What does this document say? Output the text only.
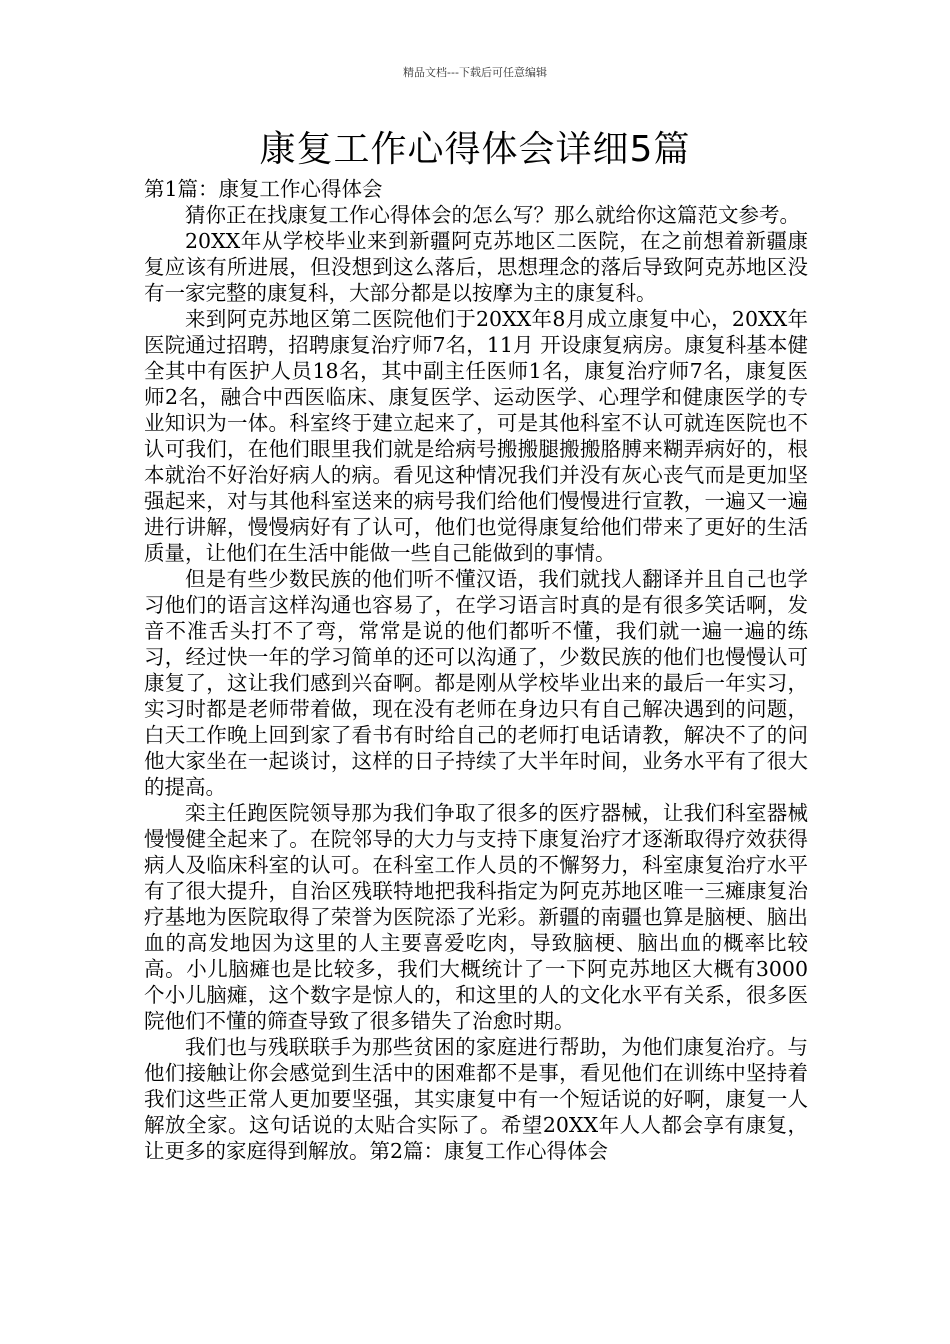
精品文档---下载后可任意编辑
康复工作心得体会详细5篇

第1篇：康复工作心得体会

猜你正在找康复工作心得体会的怎么写？那么就给你这篇范文参考。

20XX年从学校毕业来到新疆阿克苏地区二医院，在之前想着新疆康复应该有所进展，但没想到这么落后，思想理念的落后导致阿克苏地区没有一家完整的康复科，大部分都是以按摩为主的康复科。

来到阿克苏地区第二医院他们于20XX年8月成立康复中心，20XX年医院通过招聘，招聘康复治疗师7名，11月 开设康复病房。康复科基本健全其中有医护人员18名，其中副主任医师1名，康复治疗师7名，康复医师2名，融合中西医临床、康复医学、运动医学、心理学和健康医学的专业知识为一体。科室终于建立起来了，可是其他科室不认可就连医院也不认可我们，在他们眼里我们就是给病号搬搬腿搬搬胳膊来糊弄病好的，根本就治不好治好病人的病。看见这种情况我们并没有灰心丧气而是更加坚强起来，对与其他科室送来的病号我们给他们慢慢进行宣教，一遍又一遍进行讲解，慢慢病好有了认可，他们也觉得康复给他们带来了更好的生活质量，让他们在生活中能做一些自己能做到的事情。

但是有些少数民族的他们听不懂汉语，我们就找人翻译并且自己也学习他们的语言这样沟通也容易了，在学习语言时真的是有很多笑话啊，发音不准舌头打不了弯，常常是说的他们都听不懂，我们就一遍一遍的练习，经过快一年的学习简单的还可以沟通了，少数民族的他们也慢慢认可康复了，这让我们感到兴奋啊。都是刚从学校毕业出来的最后一年实习，实习时都是老师带着做，现在没有老师在身边只有自己解决遇到的问题，白天工作晚上回到家了看书有时给自己的老师打电话请教，解决不了的问他大家坐在一起谈讨，这样的日子持续了大半年时间，业务水平有了很大的提高。

栾主任跑医院领导那为我们争取了很多的医疗器械，让我们科室器械慢慢健全起来了。在院邻导的大力与支持下康复治疗才逐渐取得疗效获得病人及临床科室的认可。在科室工作人员的不懈努力，科室康复治疗水平有了很大提升，自治区残联特地把我科指定为阿克苏地区唯一三瘫康复治疗基地为医院取得了荣誉为医院添了光彩。新疆的南疆也算是脑梗、脑出血的高发地因为这里的人主要喜爱吃肉，导致脑梗、脑出血的概率比较高。小儿脑瘫也是比较多，我们大概统计了一下阿克苏地区大概有3000个小儿脑瘫，这个数字是惊人的，和这里的人的文化水平有关系，很多医院他们不懂的筛查导致了很多错失了治愈时期。

我们也与残联联手为那些贫困的家庭进行帮助，为他们康复治疗。与他们接触让你会感觉到生活中的困难都不是事，看见他们在训练中坚持着我们这些正常人更加要坚强，其实康复中有一个短话说的好啊，康复一人解放全家。这句话说的太贴合实际了。希望20XX年人人都会享有康复，让更多的家庭得到解放。第2篇：康复工作心得体会
